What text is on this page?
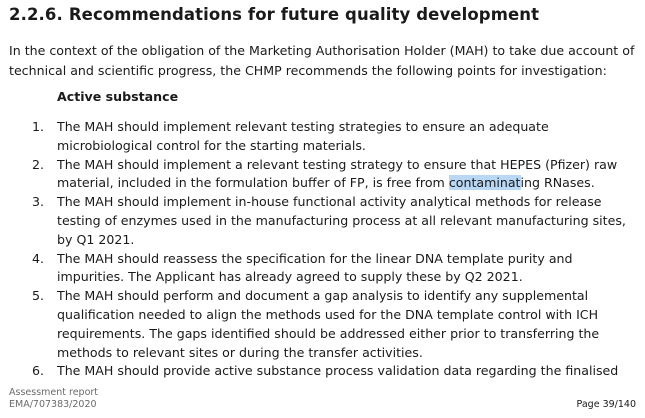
2.2.6. Recommendations for future quality development

In the context of the obligation of the Marketing Authorisation Holder (MAH) to take due account of technical and scientific progress, the CHMP recommends the following points for investigation:

Active substance

1. The MAH should implement relevant testing strategies to ensure an adequate microbiological control for the starting materials.
2. The MAH should implement a relevant testing strategy to ensure that HEPES (Pfizer) raw material, included in the formulation buffer of FP, is free from contaminating RNases.
3. The MAH should implement in-house functional activity analytical methods for release testing of enzymes used in the manufacturing process at all relevant manufacturing sites, by Q1 2021.
4. The MAH should reassess the specification for the linear DNA template purity and impurities. The Applicant has already agreed to supply these by Q2 2021.
5. The MAH should perform and document a gap analysis to identify any supplemental qualification needed to align the methods used for the DNA template control with ICH requirements. The gaps identified should be addressed either prior to transferring the methods to relevant sites or during the transfer activities.
6. The MAH should provide active substance process validation data regarding the finalised
Assessment report
EMA/707383/2020	Page 39/140
